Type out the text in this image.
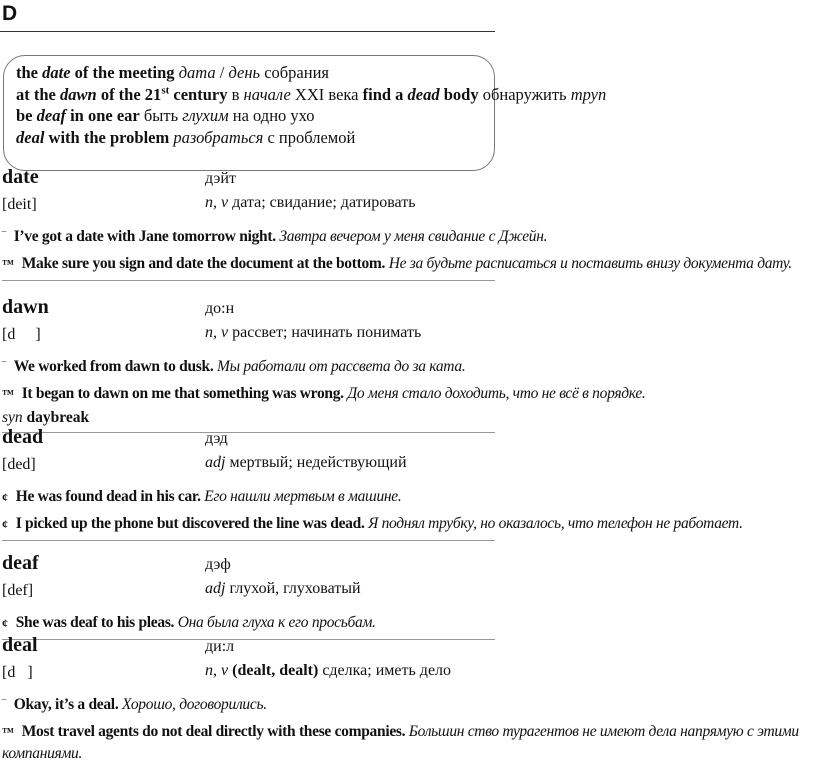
D
the date of the meeting дата / день собрания
at the dawn of the 21st century в начале XXI века find a dead body обнаружить труп
be deaf in one ear быть глухим на одно ухо
deal with the problem разобраться с проблемой
date	дэйт
[deit]	n, v дата; свидание; датировать
‾ I’ve got a date with Jane tomorrow night. Завтра вечером у меня свидание с Джейн.
™ Make sure you sign and date the document at the bottom. Не за будьте расписаться и поставить внизу документа дату.
dawn	до:н
[d     ]	n, v рассвет; начинать понимать
‾ We worked from dawn to dusk. Мы работали от рассвета до за ката.
™ It began to dawn on me that something was wrong. До меня стало доходить, что не всё в порядке.
syn daybreak
dead	дэд
[ded]	adj мертвый; недействующий
¢ He was found dead in his car. Его нашли мертвым в машине.
¢ I picked up the phone but discovered the line was dead. Я поднял трубку, но оказалось, что телефон не работает.
deaf	дэф
[def]	adj глухой, глуховатый
¢ She was deaf to his pleas. Она была глуха к его просьбам.
deal	ди:л
[d   ]	n, v (dealt, dealt) сделка; иметь дело
‾ Okay, it’s a deal. Хорошо, договорились.
™ Most travel agents do not deal directly with these companies. Большин ство турагентов не имеют дела напрямую с этими компаниями.
